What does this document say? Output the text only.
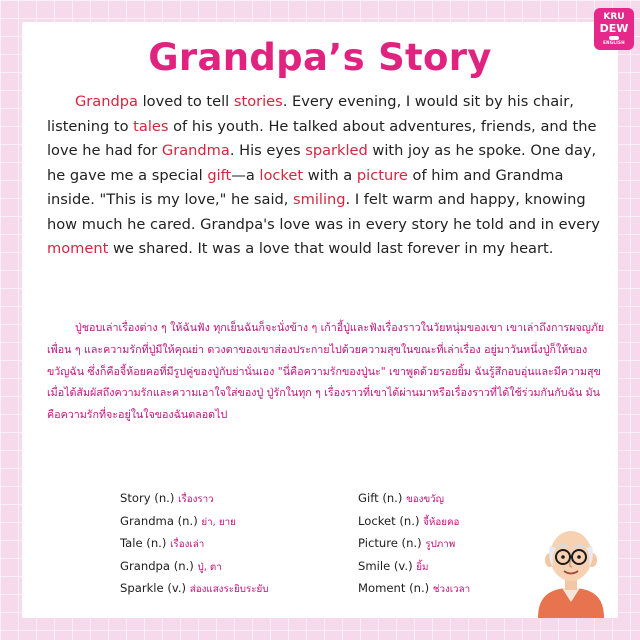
KRU
DEW
ENGLISH
Grandpa’s Story
Grandpa loved to tell stories. Every evening, I would sit by his chair, listening to tales of his youth. He talked about adventures, friends, and the love he had for Grandma. His eyes sparkled with joy as he spoke. One day, he gave me a special gift—a locket with a picture of him and Grandma inside. "This is my love," he said, smiling. I felt warm and happy, knowing how much he cared. Grandpa's love was in every story he told and in every moment we shared. It was a love that would last forever in my heart.
ปู่ชอบเล่าเรื่องต่าง ๆ ให้ฉันฟัง ทุกเย็นฉันก็จะนั่งข้าง ๆ เก้าอี้ปู่และฟังเรื่องราวในวัยหนุ่มของเขา เขาเล่าถึงการผจญภัย เพื่อน ๆ และความรักที่ปู่มีให้คุณย่า ดวงตาของเขาส่องประกายไปด้วยความสุขในขณะที่เล่าเรื่อง อยู่มาวันหนึ่งปู่ก็ให้ของขวัญฉัน ซึ่งก็คือจี้ห้อยคอที่มีรูปคู่ของปู่กับย่านั่นเอง "นี่คือความรักของปู่นะ" เขาพูดด้วยรอยยิ้ม ฉันรู้สึกอบอุ่นและมีความสุขเมื่อได้สัมผัสถึงความรักและความเอาใจใส่ของปู่ ปู่รักในทุก ๆ เรื่องราวที่เขาได้ผ่านมาหรือเรื่องราวที่ได้ใช้ร่วมกันกับฉัน มันคือความรักที่จะอยู่ในใจของฉันตลอดไป
Story (n.) เรื่องราว
Grandma (n.) ย่า, ยาย
Tale (n.) เรื่องเล่า
Grandpa (n.) ปู่, ตา
Sparkle (v.) ส่องแสงระยิบระยับ
Gift (n.) ของขวัญ
Locket (n.) จี้ห้อยคอ
Picture (n.) รูปภาพ
Smile (v.) ยิ้ม
Moment (n.) ช่วงเวลา
